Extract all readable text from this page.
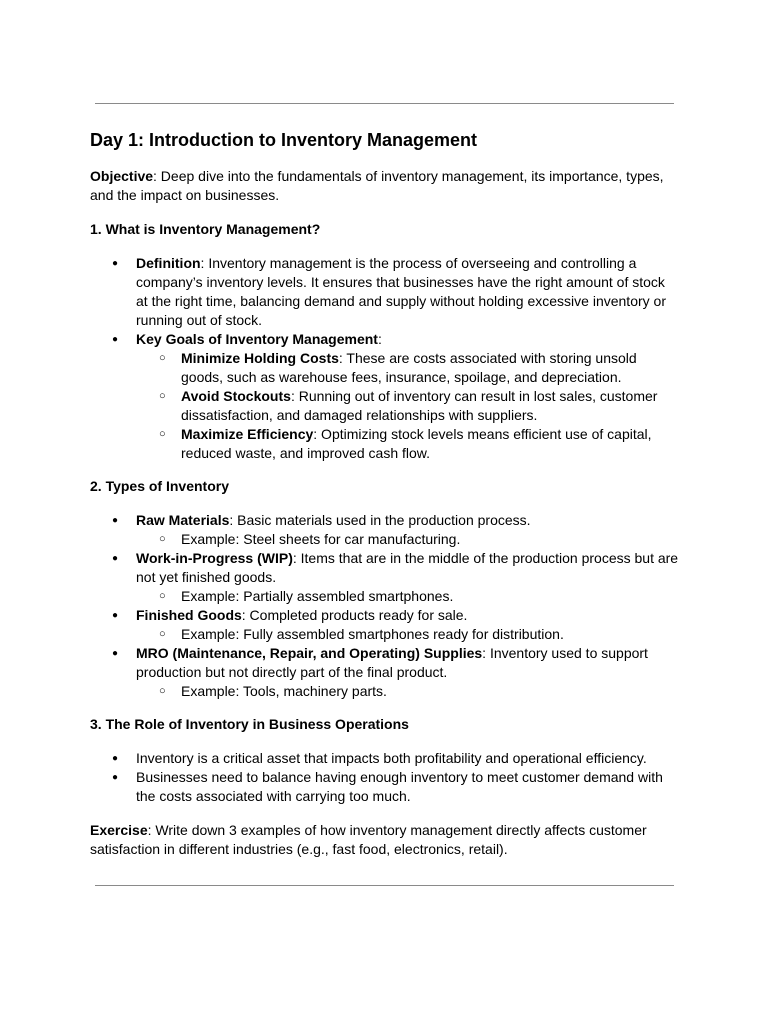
Day 1: Introduction to Inventory Management

Objective: Deep dive into the fundamentals of inventory management, its importance, types, and the impact on businesses.

1. What is Inventory Management?

● Definition: Inventory management is the process of overseeing and controlling a company’s inventory levels. It ensures that businesses have the right amount of stock at the right time, balancing demand and supply without holding excessive inventory or running out of stock.
● Key Goals of Inventory Management:
○ Minimize Holding Costs: These are costs associated with storing unsold goods, such as warehouse fees, insurance, spoilage, and depreciation.
○ Avoid Stockouts: Running out of inventory can result in lost sales, customer dissatisfaction, and damaged relationships with suppliers.
○ Maximize Efficiency: Optimizing stock levels means efficient use of capital, reduced waste, and improved cash flow.

2. Types of Inventory

● Raw Materials: Basic materials used in the production process.
○ Example: Steel sheets for car manufacturing.
● Work-in-Progress (WIP): Items that are in the middle of the production process but are not yet finished goods.
○ Example: Partially assembled smartphones.
● Finished Goods: Completed products ready for sale.
○ Example: Fully assembled smartphones ready for distribution.
● MRO (Maintenance, Repair, and Operating) Supplies: Inventory used to support production but not directly part of the final product.
○ Example: Tools, machinery parts.

3. The Role of Inventory in Business Operations

● Inventory is a critical asset that impacts both profitability and operational efficiency.
● Businesses need to balance having enough inventory to meet customer demand with the costs associated with carrying too much.

Exercise: Write down 3 examples of how inventory management directly affects customer satisfaction in different industries (e.g., fast food, electronics, retail).
